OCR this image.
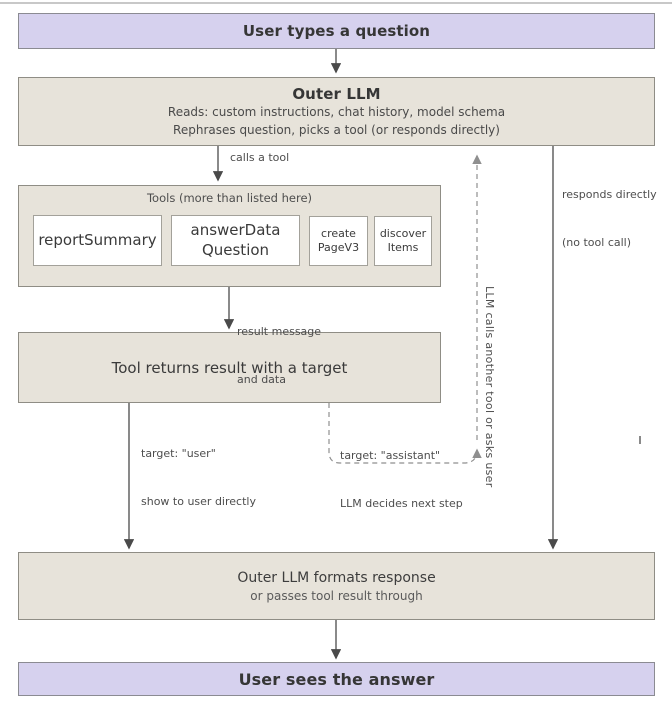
User types a question
Outer LLM
Reads: custom instructions, chat history, model schema
Rephrases question, picks a tool (or responds directly)
Tools (more than listed here)
reportSummary
answerData
Question
create
PageV3
discover
Items
Tool returns result with a target
Outer LLM formats response
or passes tool result through
User sees the answer
calls a tool

result message

and data

target: "user"

show to user directly

target: "assistant"

LLM decides next step

responds directly

(no tool call)

LLM calls another tool or asks user
